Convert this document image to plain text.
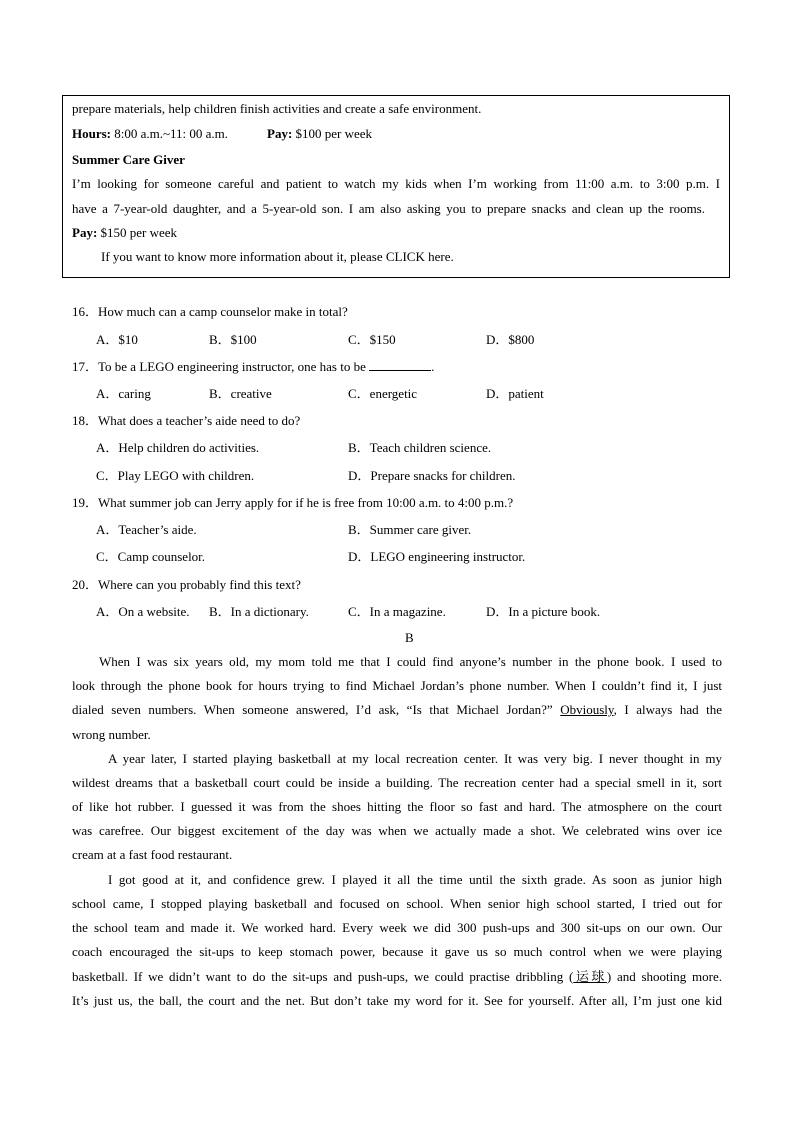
prepare materials, help children finish activities and create a safe environment.
Hours: 8:00 a.m.~11: 00 a.m.	Pay: $100 per week
Summer Care Giver
I’m looking for someone careful and patient to watch my kids when I’m working from 11:00 a.m. to 3:00 p.m. I
have a 7-year-old daughter, and a 5-year-old son. I am also asking you to prepare snacks and clean up the rooms.
Pay: $150 per week
If you want to know more information about it, please CLICK here.
16．How much can a camp counselor make in total?
A．$10	B．$100	C．$150	D．$800
17．To be a LEGO engineering instructor, one has to be	.
A．caring	B．creative	C．energetic	D．patient
18．What does a teacher’s aide need to do?
A．Help children do activities.	B．Teach children science.
C．Play LEGO with children.	D．Prepare snacks for children.
19．What summer job can Jerry apply for if he is free from 10:00 a.m. to 4:00 p.m.?
A．Teacher’s aide.	B．Summer care giver.
C．Camp counselor.	D．LEGO engineering instructor.
20．Where can you probably find this text?
A．On a website. B．In a dictionary.	C．In a magazine.	D．In a picture book.
B
When I was six years old, my mom told me that I could find anyone’s number in the phone book. I used to
look through the phone book for hours trying to find Michael Jordan’s phone number. When I couldn’t find it, I just
dialed seven numbers. When someone answered, I’d ask, “Is that Michael Jordan?” Obviously, I always had the
wrong number.
A year later, I started playing basketball at my local recreation center. It was very big. I never thought in my
wildest dreams that a basketball court could be inside a building. The recreation center had a special smell in it, sort
of like hot rubber. I guessed it was from the shoes hitting the floor so fast and hard. The atmosphere on the court
was carefree. Our biggest excitement of the day was when we actually made a shot. We celebrated wins over ice
cream at a fast food restaurant.
I got good at it, and confidence grew. I played it all the time until the sixth grade. As soon as junior high
school came, I stopped playing basketball and focused on school. When senior high school started, I tried out for
the school team and made it. We worked hard. Every week we did 300 push-ups and 300 sit-ups on our own. Our
coach encouraged the sit-ups to keep stomach power, because it gave us so much control when we were playing
basketball. If we didn’t want to do the sit-ups and push-ups, we could practise dribbling (运球) and shooting more.
It’s just us, the ball, the court and the net. But don’t take my word for it. See for yourself. After all, I’m just one kid
